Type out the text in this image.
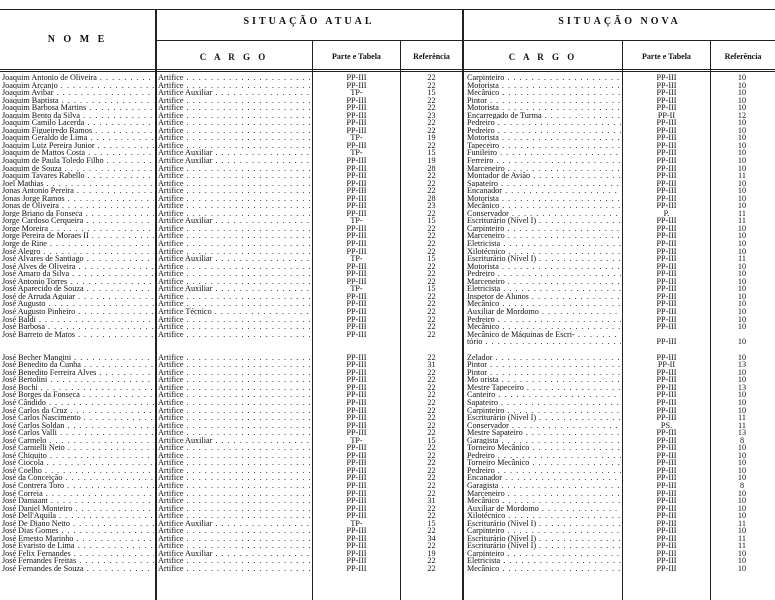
N O M E
SITUAÇÃO ATUAL	SITUAÇÃO NOVA
C A R G O	Parte e Tabela	Referência	C A R G O	Parte e Tabela	Referência
Joaquim Antonio de Oliveira . . .	Artifice . . .	PP-III	22	Carpinteiro . . .	PP-III	10
Joaquim Arcanjo . . .	Artifice . . .	PP-III	22	Motorista . . .	PP-III	10
Joaquim Avibar . . .	Artifice Auxiliar . . .	TP-	15	Mecânico . . .	PP-III	10
Joaquim Baptista . . .	Artifice . . .	PP-III	22	Pintor . . .	PP-III	10
Joaquim Barbosa Martins . . .	Artifice . . .	PP-III	22	Motorista . . .	PP-III	10
Joaquim Bento da Silva . . .	Artifice . . .	PP-III	23	Encarregado de Turma . . .	PP-II	12
Joaquim Camilo Lacerda . . .	Artifice . . .	PP-III	22	Pedreiro . . .	PP-III	10
Joaquim Figueiredo Ramos . . .	Artifice . . .	PP-III	22	Pedreiro . . .	PP-III	10
Joaquim Geraldo de Lima . . .	Artifice . . .	TP-	19	Motorista . . .	PP-III	10
Joaquim Luiz Pereira Junior . . .	Artifice . . .	PP-III	22	Tapeceiro . . .	PP-III	10
Joaquim de Mattos Costa . . .	Artifice Auxiliar . . .	TP-	15	Funileiro . . .	PP-III	10
Joaquim de Paula Toledo Filho . . .	Artifice Auxiliar . . .	PP-III	19	Ferreiro . . .	PP-III	10
Joaquim de Souza . . .	Artifice . . .	PP-III	28	Marceneiro . . .	PP-III	10
Joaquim Tavares Rabello . . .	Artifice . . .	PP-III	22	Montador de Avião . . .	PP-III	11
Joel Mathias . . .	Artifice . . .	PP-III	22	Sapateiro . . .	PP-III	10
Jonas Antonio Pereira . . .	Artifice . . .	PP-III	22	Encanador . . .	PP-III	10
Jonas Jorge Ramos . . .	Artifice . . .	PP-III	28	Motorista . . .	PP-III	10
Jonas de Oliveira . . .	Artifice . . .	PP-III	23	Mecânico . . .	PP-III	10
Jorge Briano da Fonseca . . .	Artifice . . .	PP-III	22	Conservador . . .	P.	11
Jorge Cardoso Cerqueira . . .	Artifice Auxiliar . . .	TP-	15	Escriturário (Nível I) . . .	PP-III	11
Jorge Moreira . . .	Artifice . . .	PP-III	22	Carpinteiro . . .	PP-III	10
Jorge Pereira de Moraes II . . .	Artifice . . .	PP-III	22	Marceneiro . . .	PP-III	10
Jorge de Rine . . .	Artifice . . .	PP-III	22	Eletricista . . .	PP-III	10
José Alegro . . .	Artifice . . .	PP-III	22	Xilotécnico . . .	PP-III	10
José Alvares de Santiago . . .	Artifice Auxiliar . . .	TP-	15	Escriturário (Nível I) . . .	PP-III	11
José Alves de Oliveira . . .	Artifice . . .	PP-III	22	Motorista . . .	PP-III	10
José Amaro da Silva . . .	Artifice . . .	PP-III	22	Pedreiro . . .	PP-III	10
José Antonio Torres . . .	Artifice . . .	PP-III	22	Marceneiro . . .	PP-III	10
José Aparecido de Souza . . .	Artifice Auxiliar . . .	TP-	15	Eletricista . . .	PP-III	10
José de Arruda Aguiar . . .	Artifice . . .	PP-III	22	Inspetor de Alunos . . .	PP-III	10
José Augusto . . .	Artifice . . .	PP-III	22	Mecânico . . .	PP-III	10
José Augusto Pinheiro . . .	Artifice Técnico . . .	PP-III	22	Auxiliar de Mordomo . . .	PP-III	10
José Baldi . . .	Artifice . . .	PP-III	22	Pedreiro . . .	PP-III	10
José Barbosa . . .	Artifice . . .	PP-III	22	Mecânico . . .	PP-III	10
José Barreto de Matos . . .	Artifice . . .	PP-III	22	Mecânico de Máquinas de Escri- . . .
tório . . .	PP-III	10
José Becher Mangini . . .	Artifice . . .	PP-III	22	Zelador . . .	PP-III	10
José Benedito da Cunha . . .	Artifice . . .	PP-III	31	Pintor . . .	PP-II	13
José Benedito Ferreira Alves . . .	Artifice . . .	PP-III	22	Pintor . . .	PP-III	10
José Bertolini . . .	Artifice . . .	PP-III	22	Mo orista . . .	PP-III	10
José Bochi . . .	Artifice . . .	PP-III	22	Mestre Tapeceiro . . .	PP-III	13
José Borges da Fonseca . . .	Artifice . . .	PP-III	22	Canteiro . . .	PP-III	10
José Cândido . . .	Artifice . . .	PP-III	22	Sapateiro . . .	PP-III	10
José Carlos da Cruz . . .	Artifice . . .	PP-III	22	Carpinteiro . . .	PP-III	10
José Carlos Nascimento . . .	Artifice . . .	PP-III	22	Escriturário (Nível I) . . .	PP-III	11
José Carlos Soldan . . .	Artifice . . .	PP-III	22	Conservador . . .	PS.	11
José Carlos Valli . . .	Artifice . . .	PP-III	22	Mestre Sapateiro . . .	PP-III	13
José Carmelo . . .	Artifice Auxiliar . . .	TP-	15	Garagista . . .	PP-III	8
José Carnielli Neto . . .	Artifice . . .	PP-III	22	Torneiro Mecânico . . .	PP-III	10
José Chiquito . . .	Artifice . . .	PP-III	22	Pedreiro . . .	PP-III	10
José Ciocola . . .	Artifice . . .	PP-III	22	Torneiro Mecânico . . .	PP-III	10
José Coelho . . .	Artifice . . .	PP-III	22	Pedreiro . . .	PP-III	10
José da Conceição . . .	Artifice . . .	PP-III	22	Encanador . . .	PP-III	10
José Contrera Toro . . .	Artifice . . .	PP-III	22	Garagista . . .	PP-III	8
José Correia . . .	Artifice . . .	PP-III	22	Marceneiro . . .	PP-III	10
José Damaant . . .	Artifice . . .	PP-III	31	Mecânico . . .	PP-III	10
José Daniel Monteiro . . .	Artifice . . .	PP-III	22	Auxiliar de Mordomo . . .	PP-III	10
José Dell'Aquila . . .	Artifice . . .	PP-III	22	Xilotécnico . . .	PP-III	10
José De Diano Netto . . .	Artifice Auxiliar . . .	TP-	15	Escriturário (Nível I) . . .	PP-III	11
José Dias Gomes . . .	Artifice . . .	PP-III	22	Carpinteiro . . .	PP-III	10
José Ernesto Marinho . . .	Artifice . . .	PP-III	34	Escriturário (Nível I) . . .	PP-III	11
José Evaristo de Lima . . .	Artifice . . .	PP-III	22	Escriturário (Nível I) . . .	PP-III	11
José Felix Fernandes . . .	Artifice Auxiliar . . .	PP-III	19	Carpinteiro . . .	PP-III	10
José Fernandes Freitas . . .	Artifice . . .	PP-III	22	Eletricista . . .	PP-III	10
José Fernandes de Souza . . .	Artifice . . .	PP-III	22	Mecânico . . .	PP-III	10
